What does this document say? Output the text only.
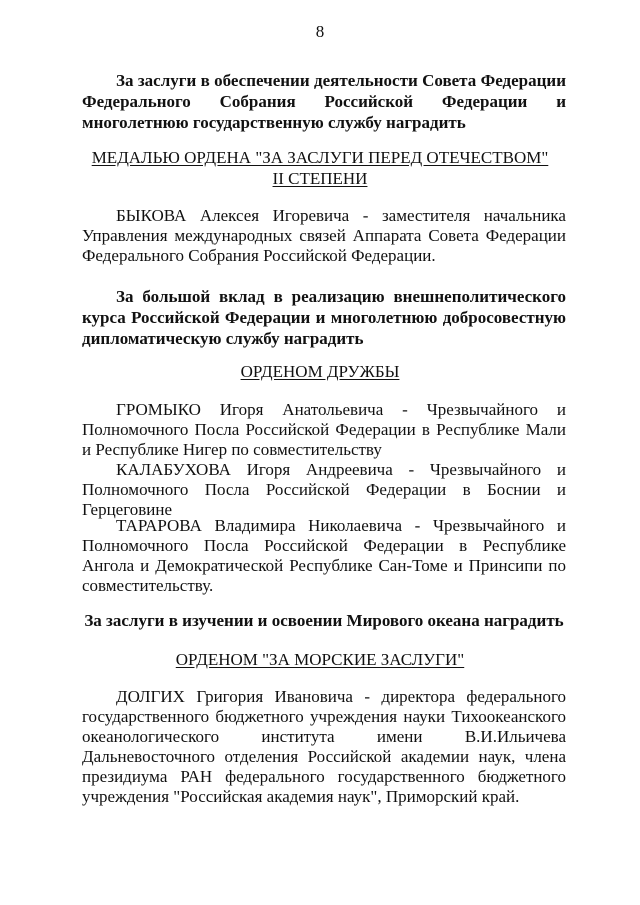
8
За заслуги в обеспечении деятельности Совета Федерации Федерального Собрания Российской Федерации и многолетнюю государственную службу наградить
МЕДАЛЬЮ ОРДЕНА "ЗА ЗАСЛУГИ ПЕРЕД ОТЕЧЕСТВОМ"
II СТЕПЕНИ
БЫКОВА Алексея Игоревича - заместителя начальника Управления международных связей Аппарата Совета Федерации Федерального Собрания Российской Федерации.
За большой вклад в реализацию внешнеполитического курса Российской Федерации и многолетнюю добросовестную дипломатическую службу наградить
ОРДЕНОМ ДРУЖБЫ
ГРОМЫКО Игоря Анатольевича - Чрезвычайного и Полномочного Посла Российской Федерации в Республике Мали и Республике Нигер по совместительству
КАЛАБУХОВА Игоря Андреевича - Чрезвычайного и Полномочного Посла Российской Федерации в Боснии и Герцеговине
ТАРАРОВА Владимира Николаевича - Чрезвычайного и Полномочного Посла Российской Федерации в Республике Ангола и Демократической Республике Сан-Томе и Принсипи по совместительству.
За заслуги в изучении и освоении Мирового океана наградить
ОРДЕНОМ "ЗА МОРСКИЕ ЗАСЛУГИ"
ДОЛГИХ Григория Ивановича - директора федерального государственного бюджетного учреждения науки Тихоокеанского океанологического института имени В.И.Ильичева Дальневосточного отделения Российской академии наук, члена президиума РАН федерального государственного бюджетного учреждения "Российская академия наук", Приморский край.
